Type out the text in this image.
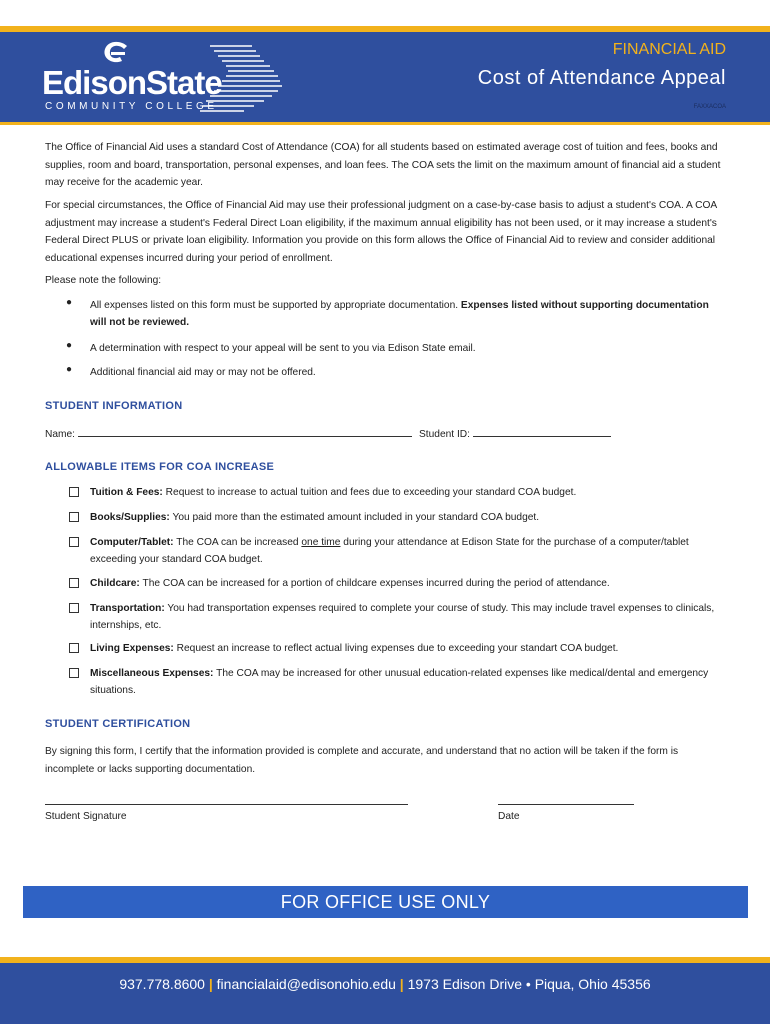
EdisonState
COMMUNITY COLLEGE
FINANCIAL AID
Cost of Attendance Appeal
FAXXACOA
The Office of Financial Aid uses a standard Cost of Attendance (COA) for all students based on estimated average cost of tuition and fees, books and supplies, room and board, transportation, personal expenses, and loan fees. The COA sets the limit on the maximum amount of financial aid a student may receive for the academic year.
For special circumstances, the Office of Financial Aid may use their professional judgment on a case-by-case basis to adjust a student's COA. A COA adjustment may increase a student's Federal Direct Loan eligibility, if the maximum annual eligibility has not been used, or it may increase a student's Federal Direct PLUS or private loan eligibility. Information you provide on this form allows the Office of Financial Aid to review and consider additional educational expenses incurred during your period of enrollment.
Please note the following:
● All expenses listed on this form must be supported by appropriate documentation. Expenses listed without supporting documentation will not be reviewed.
● A determination with respect to your appeal will be sent to you via Edison State email.
● Additional financial aid may or may not be offered.
STUDENT INFORMATION
Name:	Student ID:
ALLOWABLE ITEMS FOR COA INCREASE
Tuition & Fees: Request to increase to actual tuition and fees due to exceeding your standard COA budget.
Books/Supplies: You paid more than the estimated amount included in your standard COA budget.
Computer/Tablet: The COA can be increased one time during your attendance at Edison State for the purchase of a computer/tablet exceeding your standard COA budget.
Childcare: The COA can be increased for a portion of childcare expenses incurred during the period of attendance.
Transportation: You had transportation expenses required to complete your course of study. This may include travel expenses to clinicals, internships, etc.
Living Expenses: Request an increase to reflect actual living expenses due to exceeding your standart COA budget.
Miscellaneous Expenses: The COA may be increased for other unusual education-related expenses like medical/dental and emergency situations.
STUDENT CERTIFICATION
By signing this form, I certify that the information provided is complete and accurate, and understand that no action will be taken if the form is incomplete or lacks supporting documentation.
Student Signature	Date
FOR OFFICE USE ONLY
937.778.8600 | financialaid@edisonohio.edu | 1973 Edison Drive • Piqua, Ohio 45356
